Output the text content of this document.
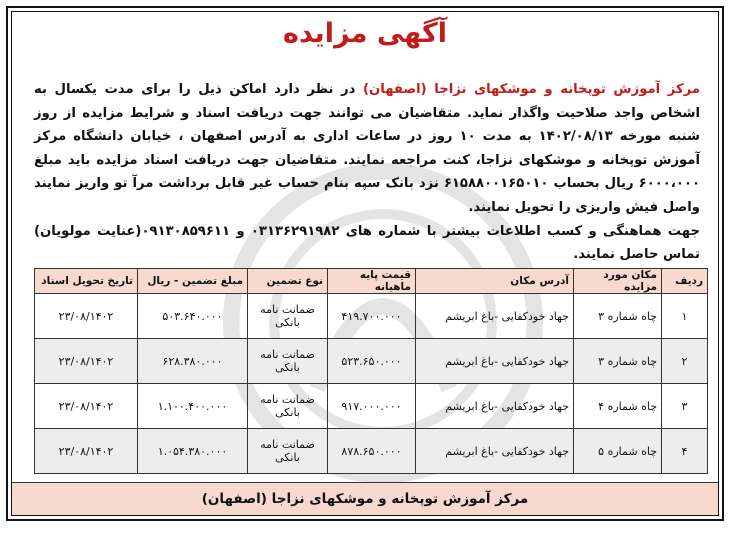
آگهی مزایده
مرکز آموزش توپخانه و موشکهای نزاجا (اصفهان) در نظر دارد اماکن ذیل را برای مدت یکسال به اشخاص واجد صلاحیت واگذار نماید. متقاضیان می توانند جهت دریافت اسناد و شرایط مزایده از روز شنبه مورخه ۱۴۰۲/۰۸/۱۳ به مدت ۱۰ روز در ساعات اداری به آدرس اصفهان ، خیابان دانشگاه مرکز آموزش توپخانه و موشکهای نزاجا، کنت مراجعه نمایند. متقاضیان جهت دریافت اسناد مزایده باید مبلغ ۶۰۰۰،۰۰۰ ریال بحساب ۶۱۵۸۸۰۰۱۶۵۰۱۰ نزد بانک سپه بنام حساب غیر قابل برداشت مرآ تو واریز نمایند واصل فیش واریزی را تحویل نمایند.
جهت هماهنگی و کسب اطلاعات بیشتر با شماره های ۰۳۱۳۶۲۹۱۹۸۲ و ۰۹۱۳۰۸۵۹۶۱۱(عنایت مولویان) تماس حاصل نمایند.
ردیف	مکان مورد مزایده	آدرس مکان	قیمت پایه ماهیانه	نوع تضمین	مبلغ تضمین - ریال	تاریخ تحویل اسناد
۱	چاه شماره ۳	جهاد خودکفایی -باغ ابریشم	۴۱۹.۷۰۰.۰۰۰	ضمانت نامه بانکی	۵۰۳.۶۴۰.۰۰۰	۲۳/۰۸/۱۴۰۲
۲	چاه شماره ۳	جهاد خودکفایی -باغ ابریشم	۵۲۳.۶۵۰.۰۰۰	ضمانت نامه بانکی	۶۲۸.۳۸۰.۰۰۰	۲۳/۰۸/۱۴۰۲
۳	چاه شماره ۴	جهاد خودکفایی -باغ ابریشم	۹۱۷.۰۰۰.۰۰۰	ضمانت نامه بانکی	۱.۱۰۰.۴۰۰.۰۰۰	۲۳/۰۸/۱۴۰۲
۴	چاه شماره ۵	جهاد خودکفایی -باغ ابریشم	۸۷۸.۶۵۰.۰۰۰	ضمانت نامه بانکی	۱.۰۵۴.۳۸۰.۰۰۰	۲۳/۰۸/۱۴۰۲
مرکز آموزش توپخانه و موشکهای نزاجا (اصفهان)
